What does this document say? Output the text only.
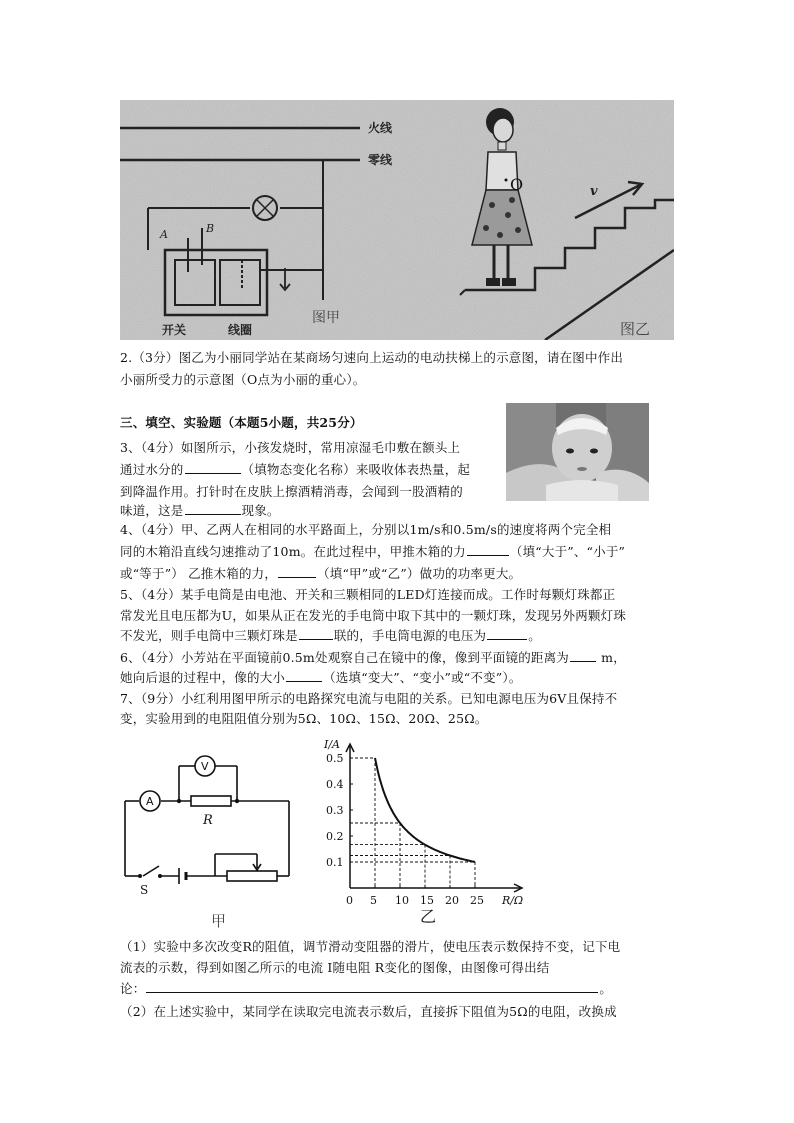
火线
零线
A	B
开关	线圈
图甲
v
O
图乙
2.（3分）图乙为小丽同学站在某商场匀速向上运动的电动扶梯上的示意图，请在图中作出
小丽所受力的示意图（O点为小丽的重心）。
三、填空、实验题（本题5小题，共25分）
3、（4分）如图所示，小孩发烧时，常用凉湿毛巾敷在额头上
通过水分的	（填物态变化名称）来吸收体表热量，起
到降温作用。打针时在皮肤上擦酒精消毒，会闻到一股酒精的
味道，这是	现象。
4、（4分）甲、乙两人在相同的水平路面上，分别以1m/s和0.5m/s的速度将两个完全相
同的木箱沿直线匀速推动了10m。在此过程中，甲推木箱的力	（填“大于”、“小于”
或“等于”） 乙推木箱的力，	（填“甲”或“乙”）做功的功率更大。
5、（4分）某手电筒是由电池、开关和三颗相同的LED灯连接而成。工作时每颗灯珠都正
常发光且电压都为U，如果从正在发光的手电筒中取下其中的一颗灯珠，发现另外两颗灯珠
不发光，则手电筒中三颗灯珠是	联的，手电筒电源的电压为	。
6、（4分）小芳站在平面镜前0.5m处观察自己在镜中的像，像到平面镜的距离为 m，
她向后退的过程中，像的大小	（选填“变大”、“变小”或“不变”）。
7、（9分）小红利用图甲所示的电路探究电流与电阻的关系。已知电源电压为6V且保持不
变，实验用到的电阻阻值分别为5Ω、10Ω、15Ω、20Ω、25Ω。
V
A
R
S
甲
I/A
R/Ω
0 5 10 15 20 25
0.1
0.2
0.3
0.4
0.5
乙
（1）实验中多次改变R的阻值，调节滑动变阻器的滑片，使电压表示数保持不变，记下电
流表的示数，得到如图乙所示的电流 I随电阻 R变化的图像，由图像可得出结
论：	。
（2）在上述实验中，某同学在读取完电流表示数后，直接拆下阻值为5Ω的电阻，改换成
